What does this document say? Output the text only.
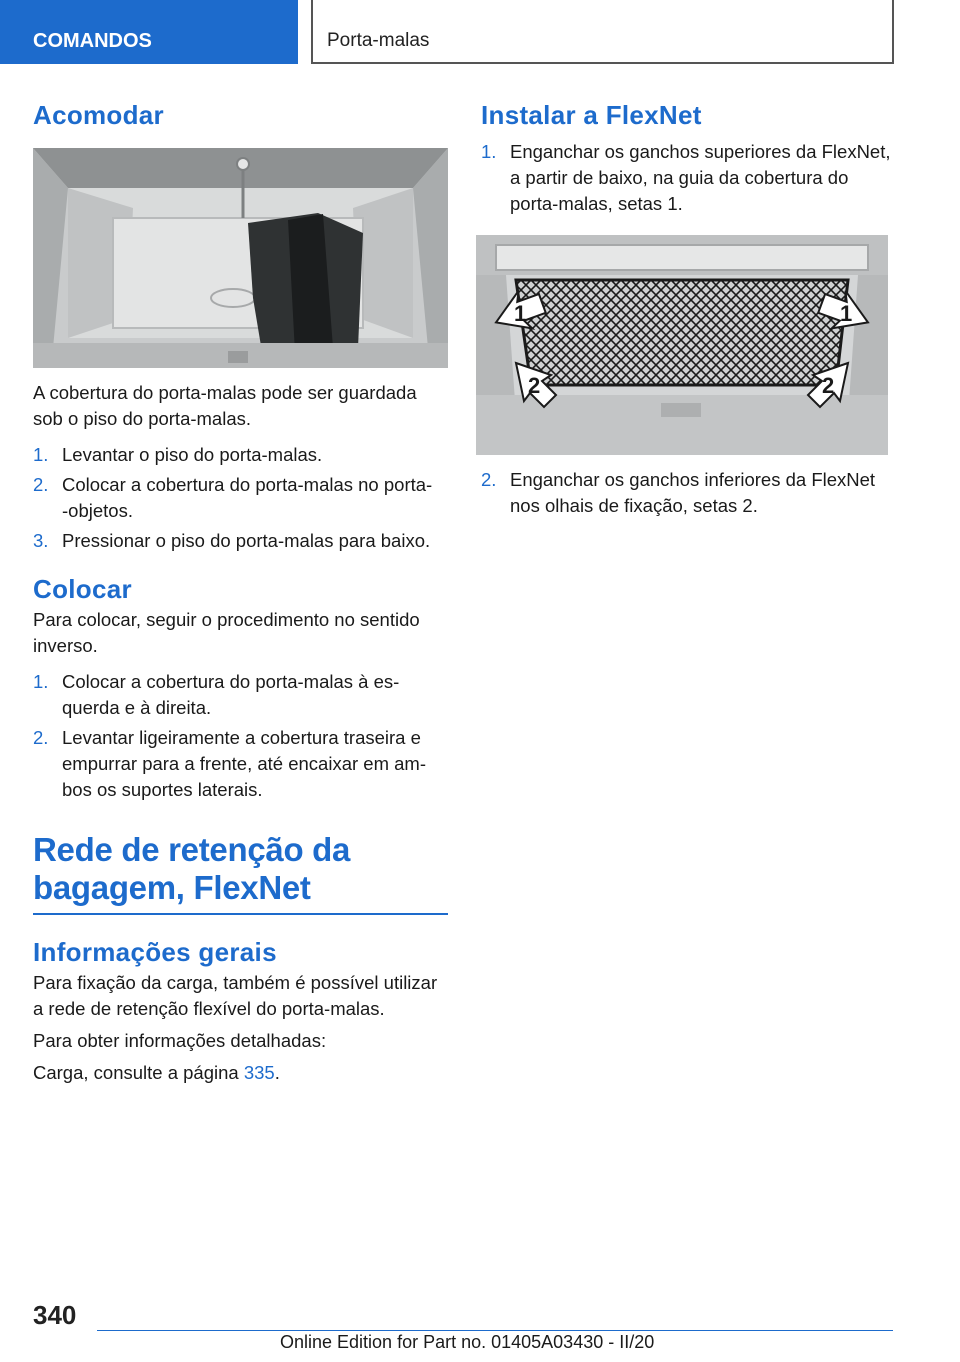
COMANDOS	Porta-malas
Acomodar

A cobertura do porta-malas pode ser guardada sob o piso do porta-malas.

1. Levantar o piso do porta-malas.
2. Colocar a cobertura do porta-malas no porta-‑objetos.
3. Pressionar o piso do porta-malas para baixo.
Colocar

Para colocar, seguir o procedimento no sentido inverso.

1. Colocar a cobertura do porta-malas à esquerda e à direita.
2. Levantar ligeiramente a cobertura traseira e empurrar para a frente, até encaixar em ambos os suportes laterais.
Rede de retenção da
bagagem, FlexNet
Informações gerais

Para fixação da carga, também é possível utilizar a rede de retenção flexível do porta-malas.

Para obter informações detalhadas:

Carga, consulte a página 335.

Instalar a FlexNet
1. Enganchar os ganchos superiores da FlexNet, a partir de baixo, na guia da cobertura do porta-malas, setas 1.
1	1
2	2
2. Enganchar os ganchos inferiores da FlexNet nos olhais de fixação, setas 2.
340
Online Edition for Part no. 01405A03430 - II/20
